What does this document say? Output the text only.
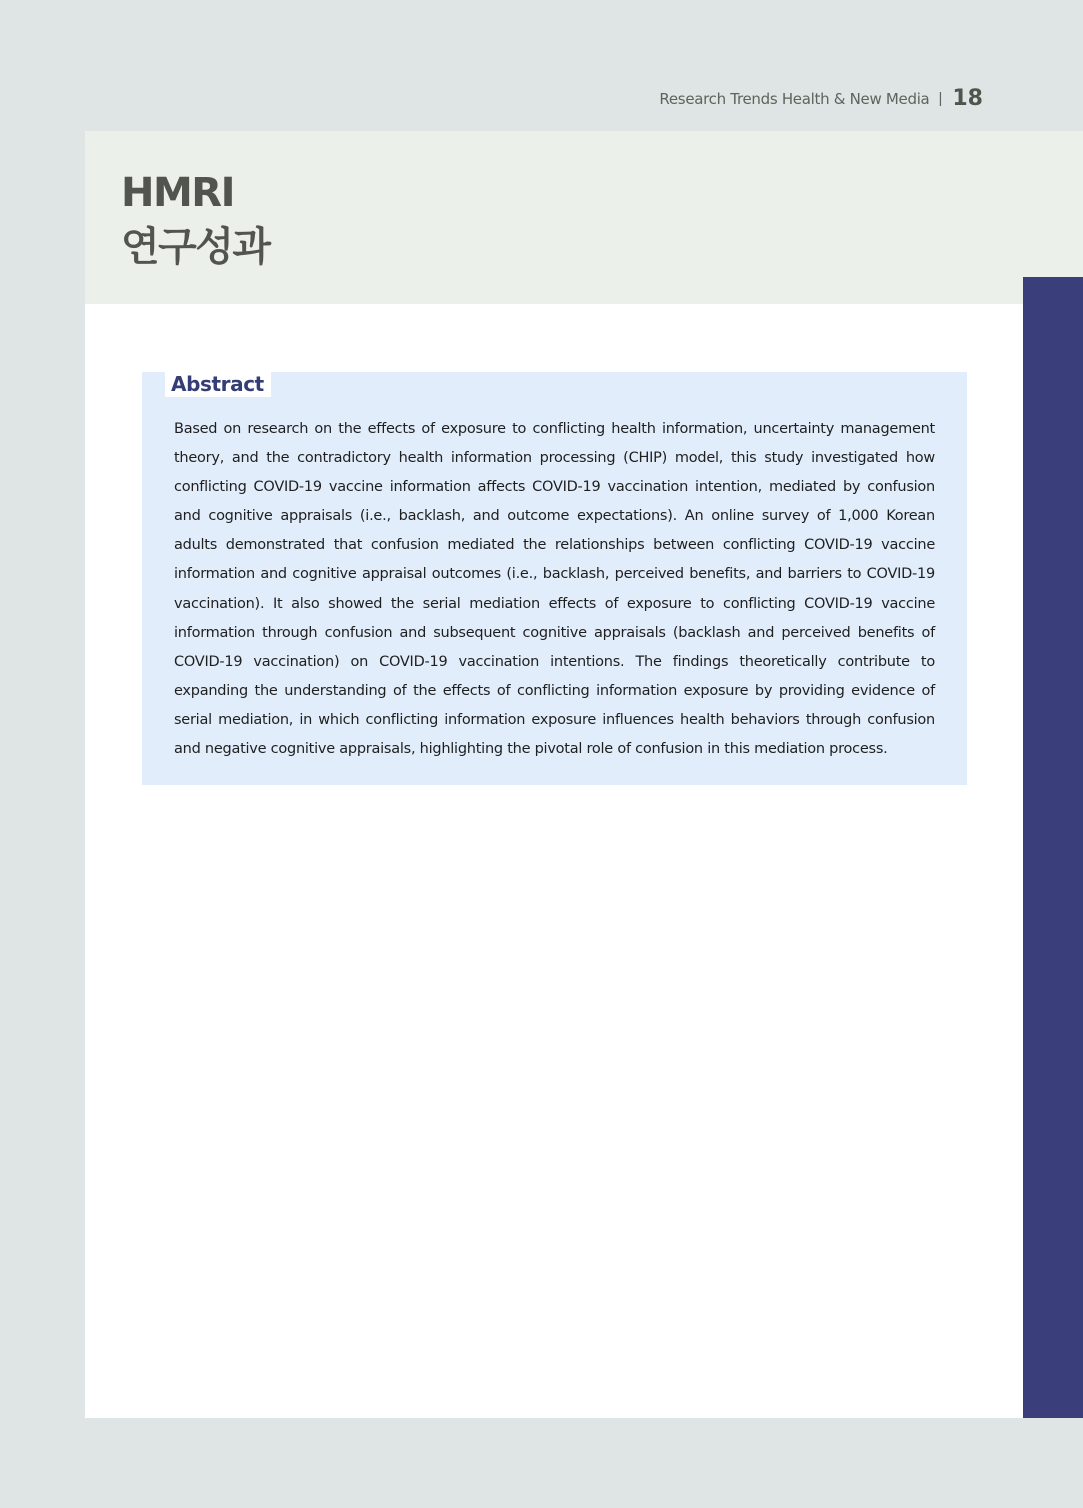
Research Trends Health & New Media | 18
HMRI
연구성과
Abstract

Based on research on the effects of exposure to conflicting health information, uncertainty management theory, and the contradictory health information processing (CHIP) model, this study investigated how conflicting COVID-19 vaccine information affects COVID-19 vaccination intention, mediated by confusion and cognitive appraisals (i.e., backlash, and outcome expectations). An online survey of 1,000 Korean adults demonstrated that confusion mediated the relationships between conflicting COVID-19 vaccine information and cognitive appraisal outcomes (i.e., backlash, perceived benefits, and barriers to COVID-19 vaccination). It also showed the serial mediation effects of exposure to conflicting COVID-19 vaccine information through confusion and subsequent cognitive appraisals (backlash and perceived benefits of COVID-19 vaccination) on COVID-19 vaccination intentions. The findings theoretically contribute to expanding the understanding of the effects of conflicting information exposure by providing evidence of serial mediation, in which conflicting information exposure influences health behaviors through confusion and negative cognitive appraisals, highlighting the pivotal role of confusion in this mediation process.
